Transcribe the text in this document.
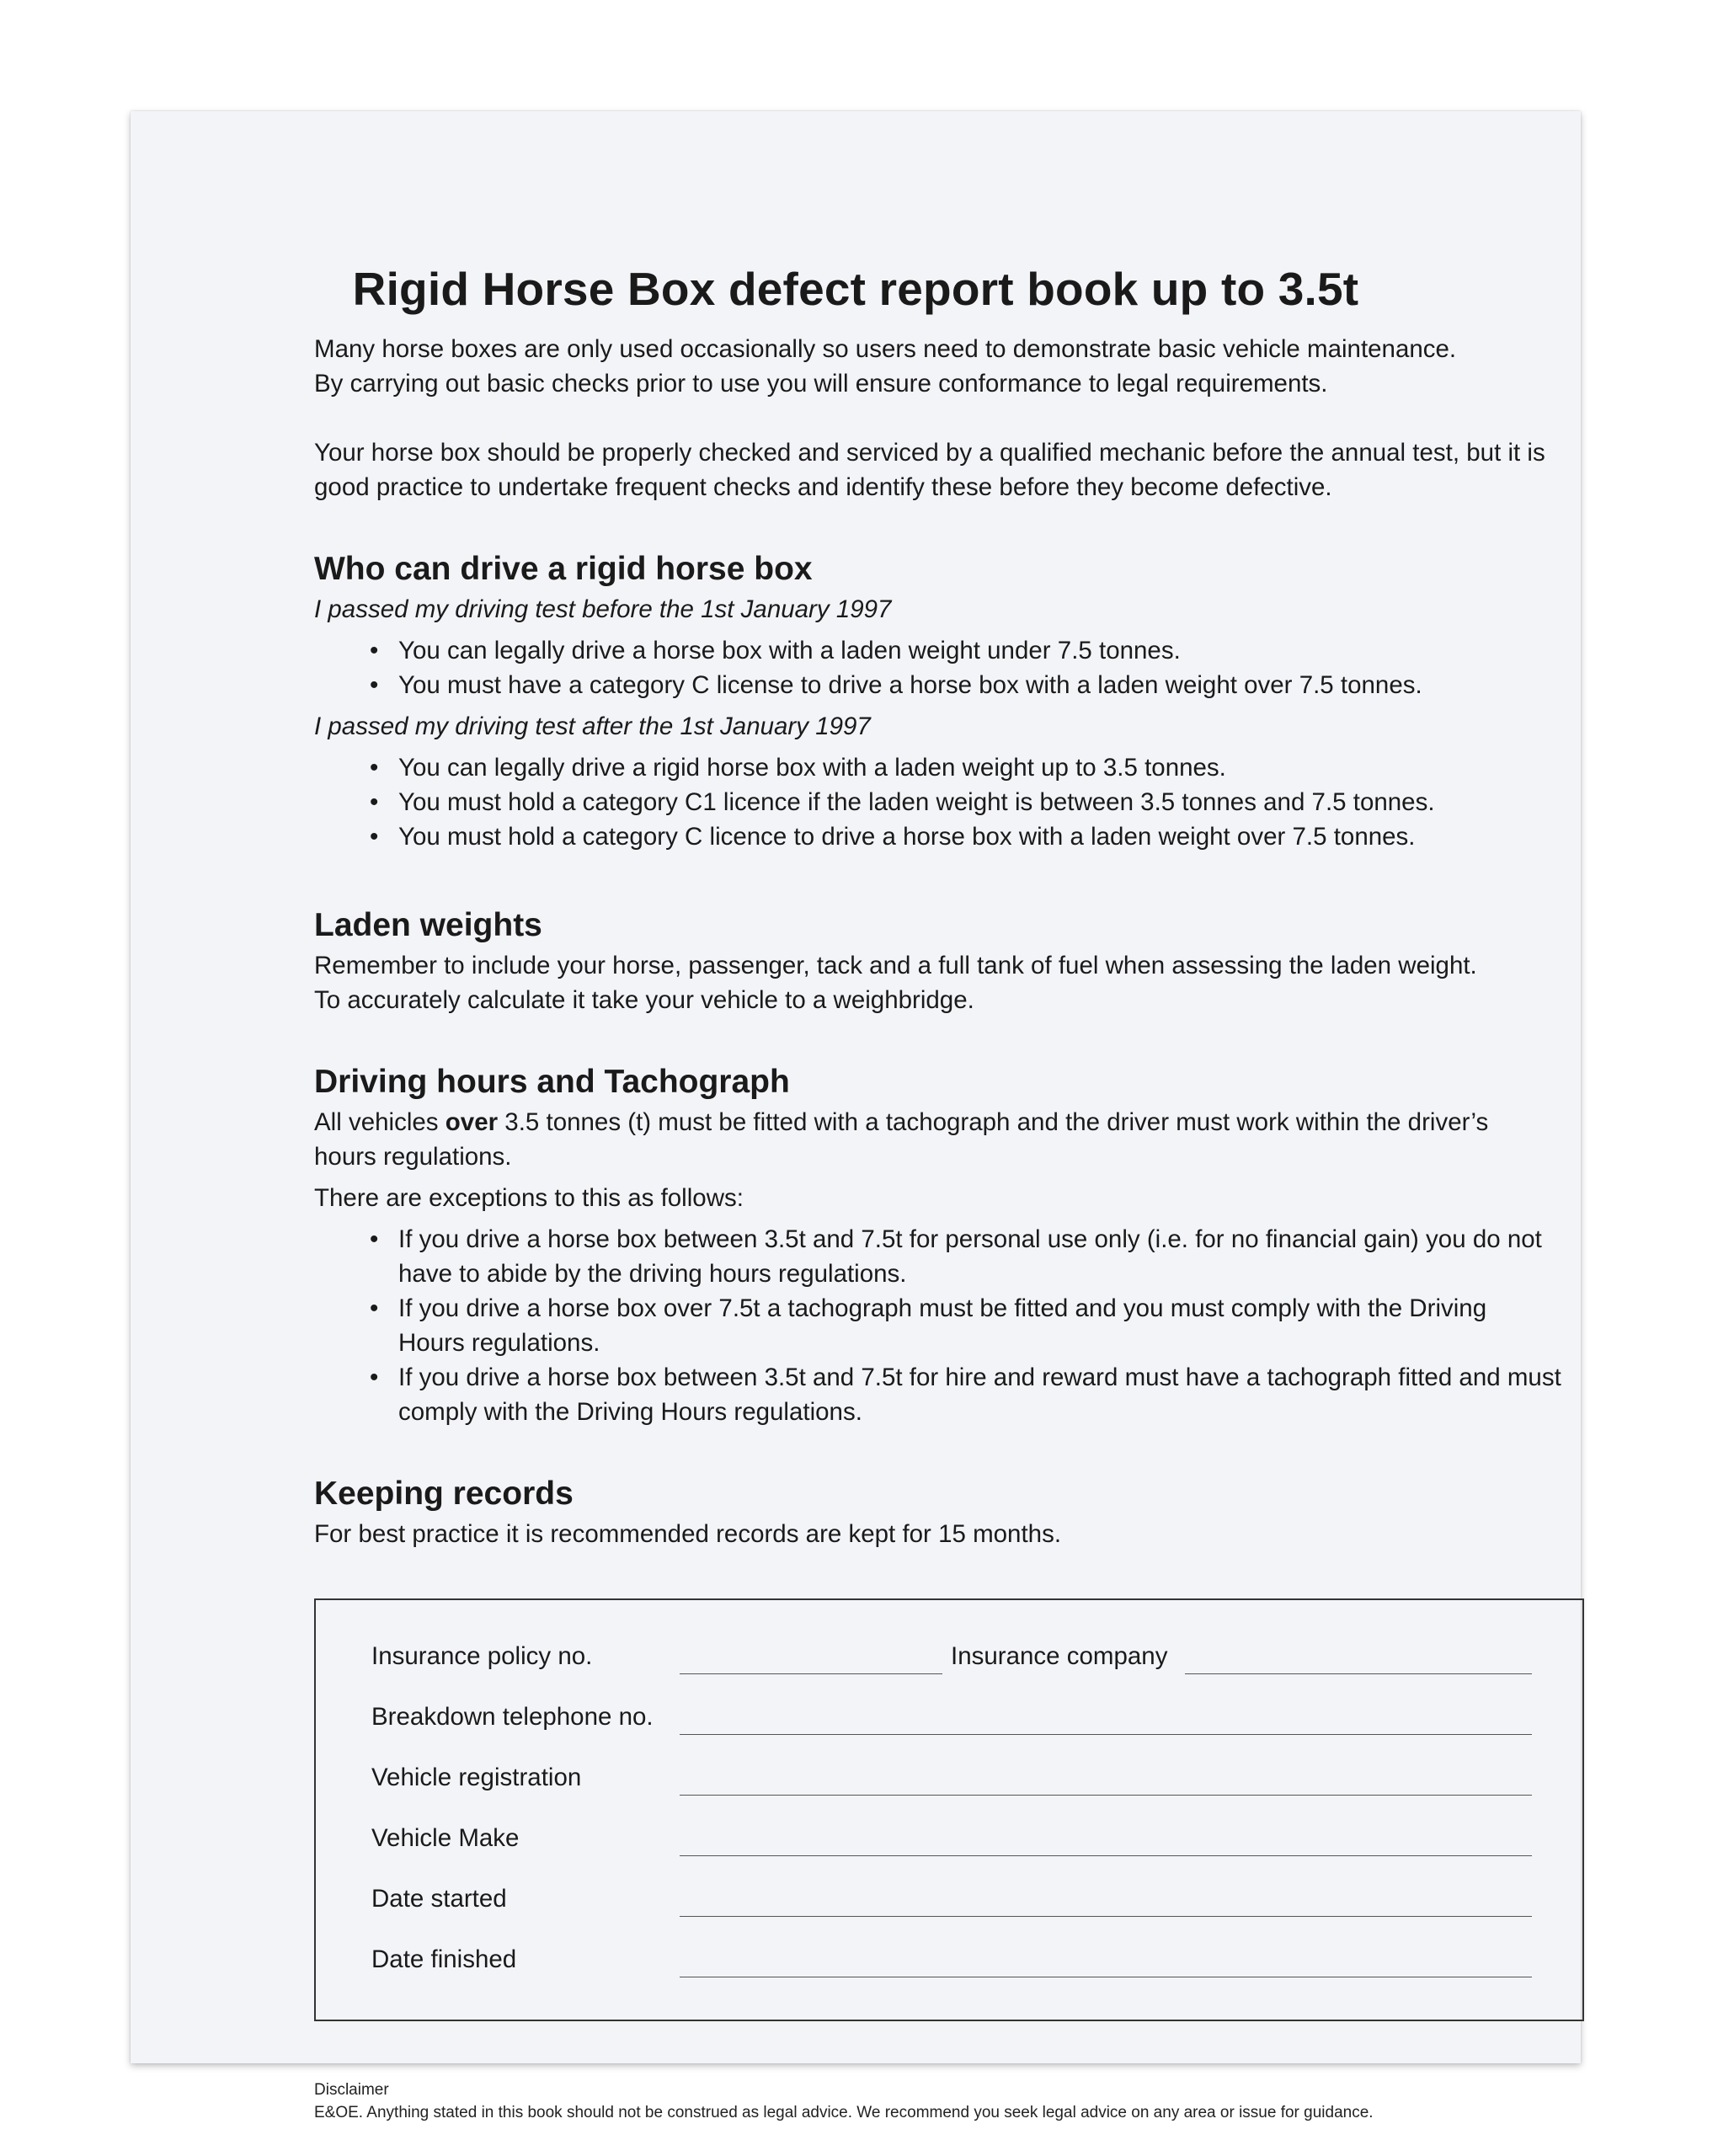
Rigid Horse Box defect report book up to 3.5t

Many horse boxes are only used occasionally so users need to demonstrate basic vehicle maintenance.

By carrying out basic checks prior to use you will ensure conformance to legal requirements.

Your horse box should be properly checked and serviced by a qualified mechanic before the annual test, but it is

good practice to undertake frequent checks and identify these before they become defective.

Who can drive a rigid horse box

I passed my driving test before the 1st January 1997

• You can legally drive a horse box with a laden weight under 7.5 tonnes.
• You must have a category C license to drive a horse box with a laden weight over 7.5 tonnes.

I passed my driving test after the 1st January 1997

• You can legally drive a rigid horse box with a laden weight up to 3.5 tonnes.
• You must hold a category C1 licence if the laden weight is between 3.5 tonnes and 7.5 tonnes.
• You must hold a category C licence to drive a horse box with a laden weight over 7.5 tonnes.
Laden weights

Remember to include your horse, passenger, tack and a full tank of fuel when assessing the laden weight.

To accurately calculate it take your vehicle to a weighbridge.

Driving hours and Tachograph

All vehicles over 3.5 tonnes (t) must be fitted with a tachograph and the driver must work within the driver’s

hours regulations.

There are exceptions to this as follows:

• If you drive a horse box between 3.5t and 7.5t for personal use only (i.e. for no financial gain) you do not
have to abide by the driving hours regulations.
• If you drive a horse box over 7.5t a tachograph must be fitted and you must comply with the Driving
Hours regulations.
• If you drive a horse box between 3.5t and 7.5t for hire and reward must have a tachograph fitted and must
comply with the Driving Hours regulations.
Keeping records

For best practice it is recommended records are kept for 15 months.

Insurance policy no.	Insurance company
Breakdown telephone no.
Vehicle registration
Vehicle Make
Date started
Date finished
Disclaimer
E&OE. Anything stated in this book should not be construed as legal advice. We recommend you seek legal advice on any area or issue for guidance.
